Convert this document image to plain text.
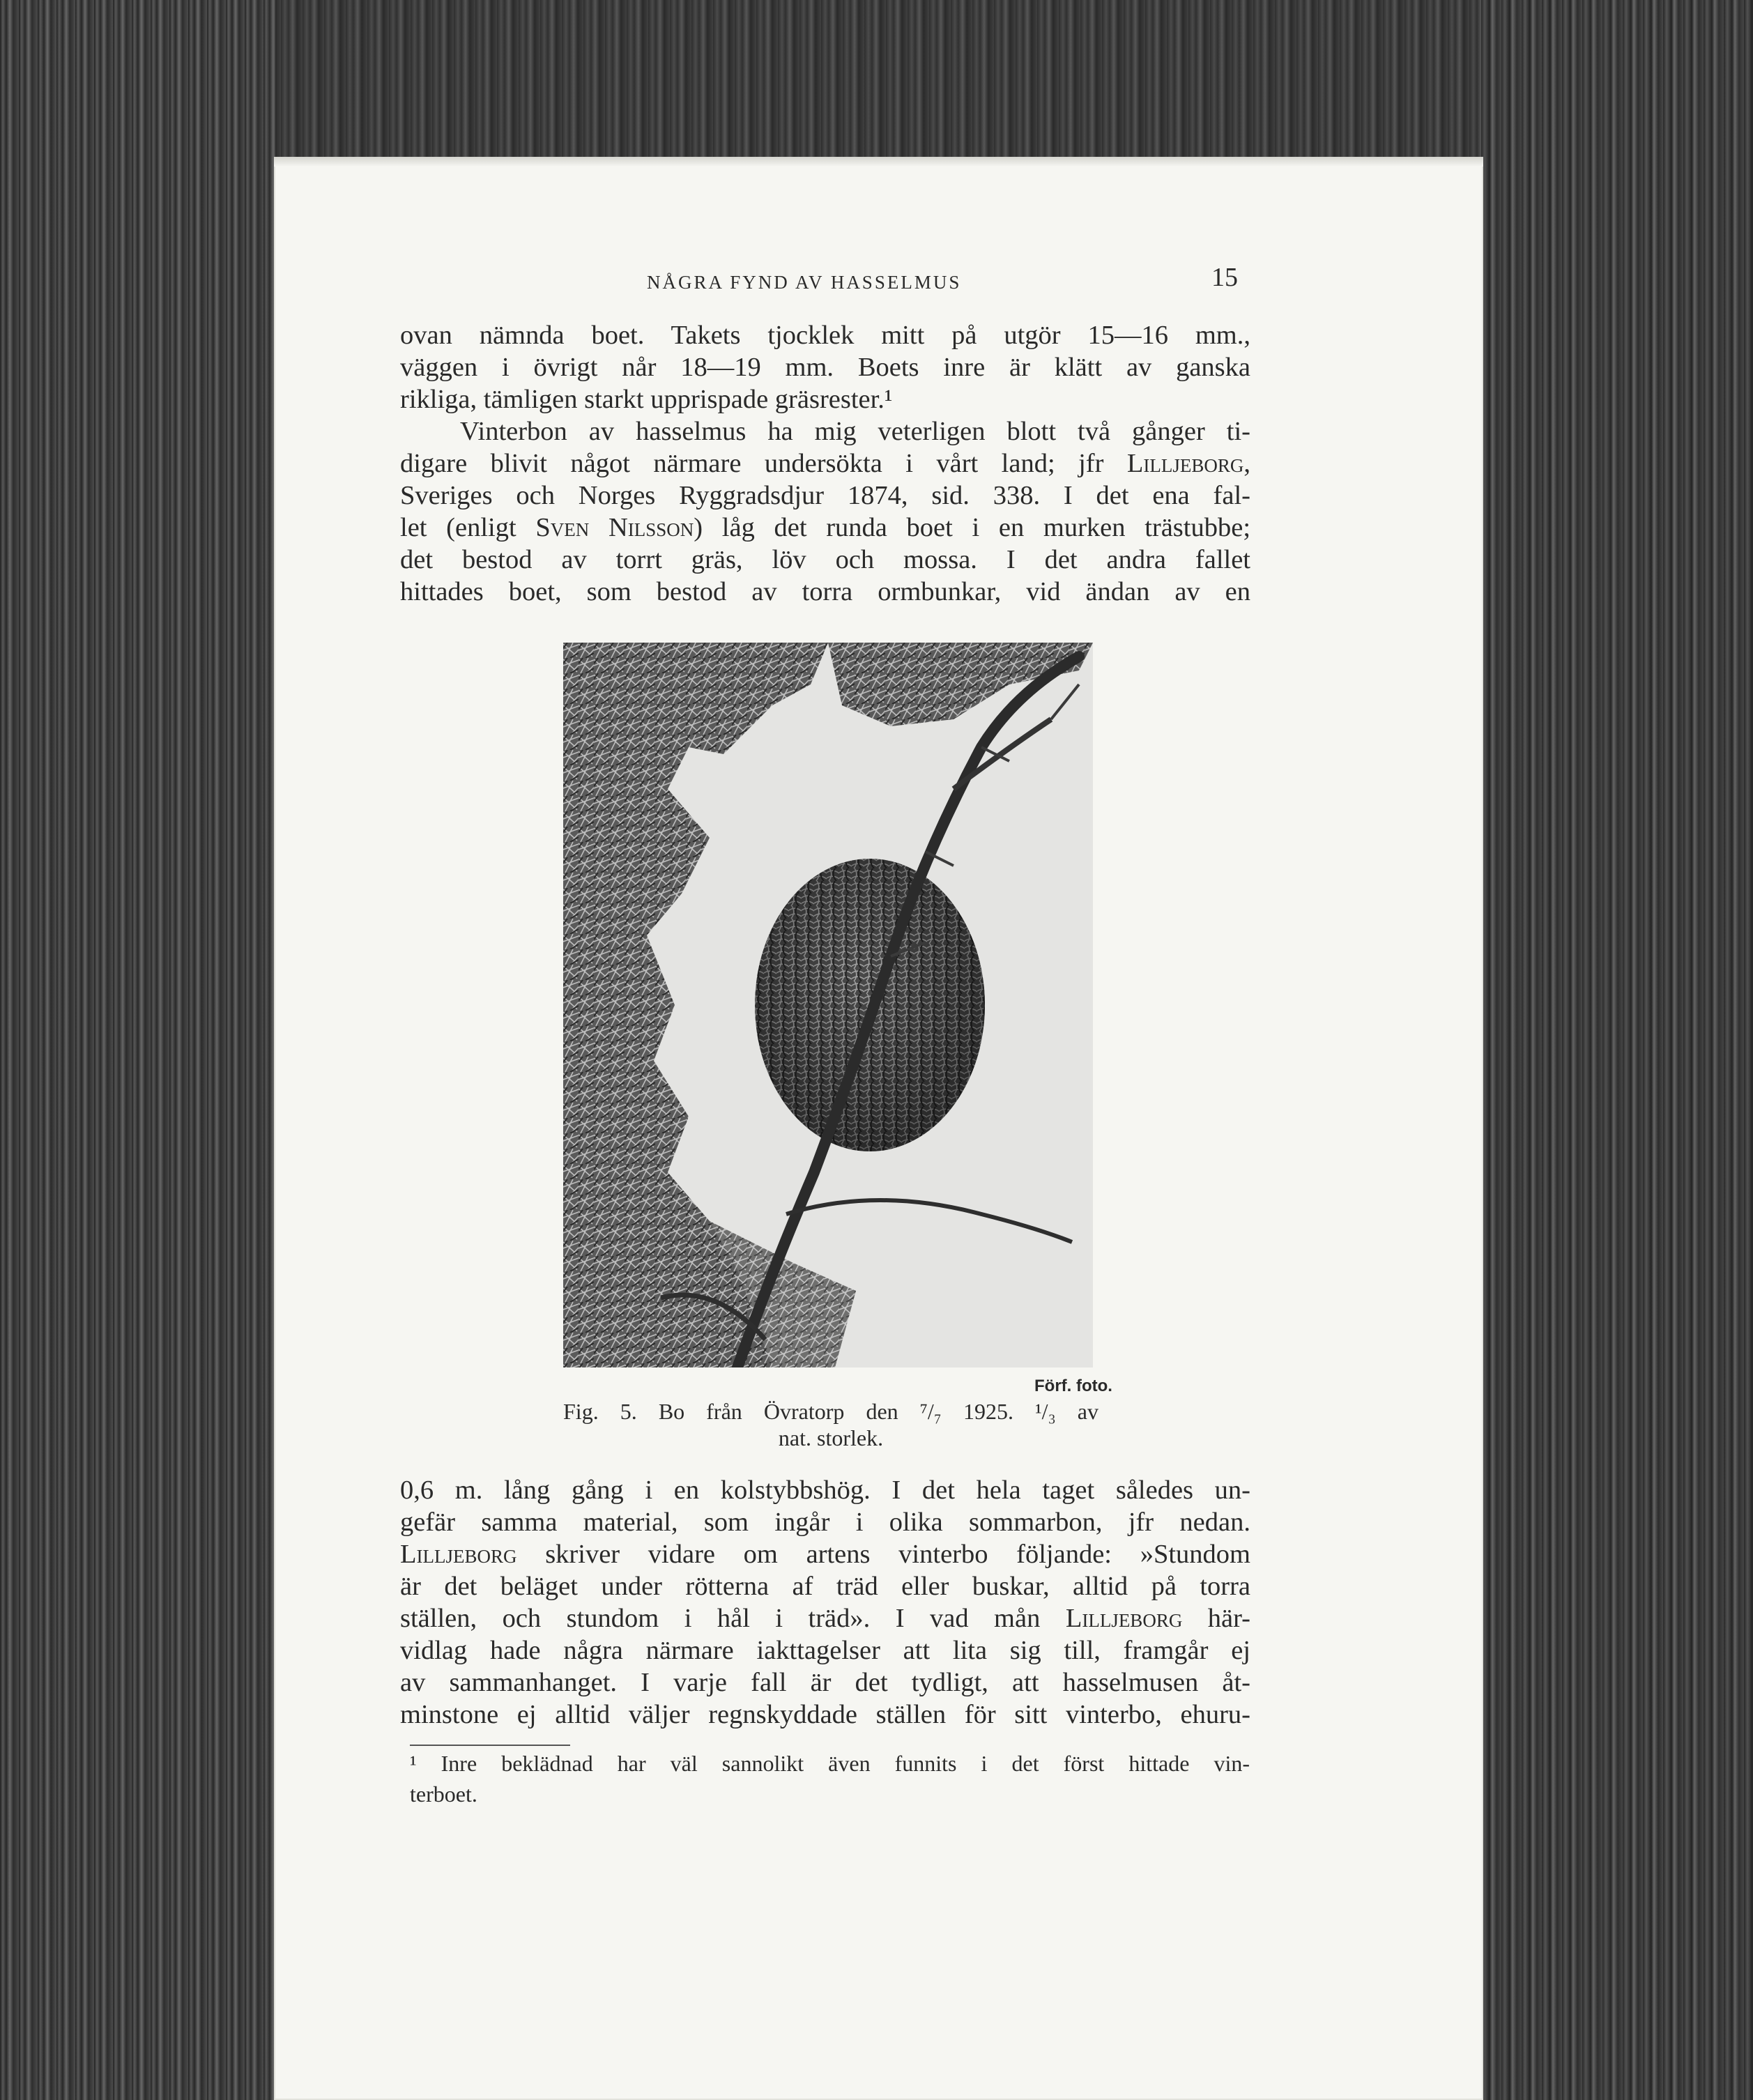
NÅGRA FYND AV HASSELMUS	15
ovan nämnda boet. Takets tjocklek mitt på utgör 15—16 mm.,
väggen i övrigt når 18—19 mm. Boets inre är klätt av ganska
rikliga, tämligen starkt upprispade gräsrester.¹
Vinterbon av hasselmus ha mig veterligen blott två gånger ti-
digare blivit något närmare undersökta i vårt land; jfr Lilljeborg,
Sveriges och Norges Ryggradsdjur 1874, sid. 338. I det ena fal-
let (enligt Sven Nilsson) låg det runda boet i en murken trästubbe;
det bestod av torrt gräs, löv och mossa. I det andra fallet
hittades boet, som bestod av torra ormbunkar, vid ändan av en
Förf. foto.
Fig. 5. Bo från Övratorp den ⁷/₇ 1925. ¹/₃ av
nat. storlek.
0,6 m. lång gång i en kolstybbshög. I det hela taget således un-
gefär samma material, som ingår i olika sommarbon, jfr nedan.
Lilljeborg skriver vidare om artens vinterbo följande: »Stundom
är det beläget under rötterna af träd eller buskar, alltid på torra
ställen, och stundom i hål i träd». I vad mån Lilljeborg här-
vidlag hade några närmare iakttagelser att lita sig till, framgår ej
av sammanhanget. I varje fall är det tydligt, att hasselmusen åt-
minstone ej alltid väljer regnskyddade ställen för sitt vinterbo, ehuru-
¹ Inre beklädnad har väl sannolikt även funnits i det först hittade vin-
terboet.
